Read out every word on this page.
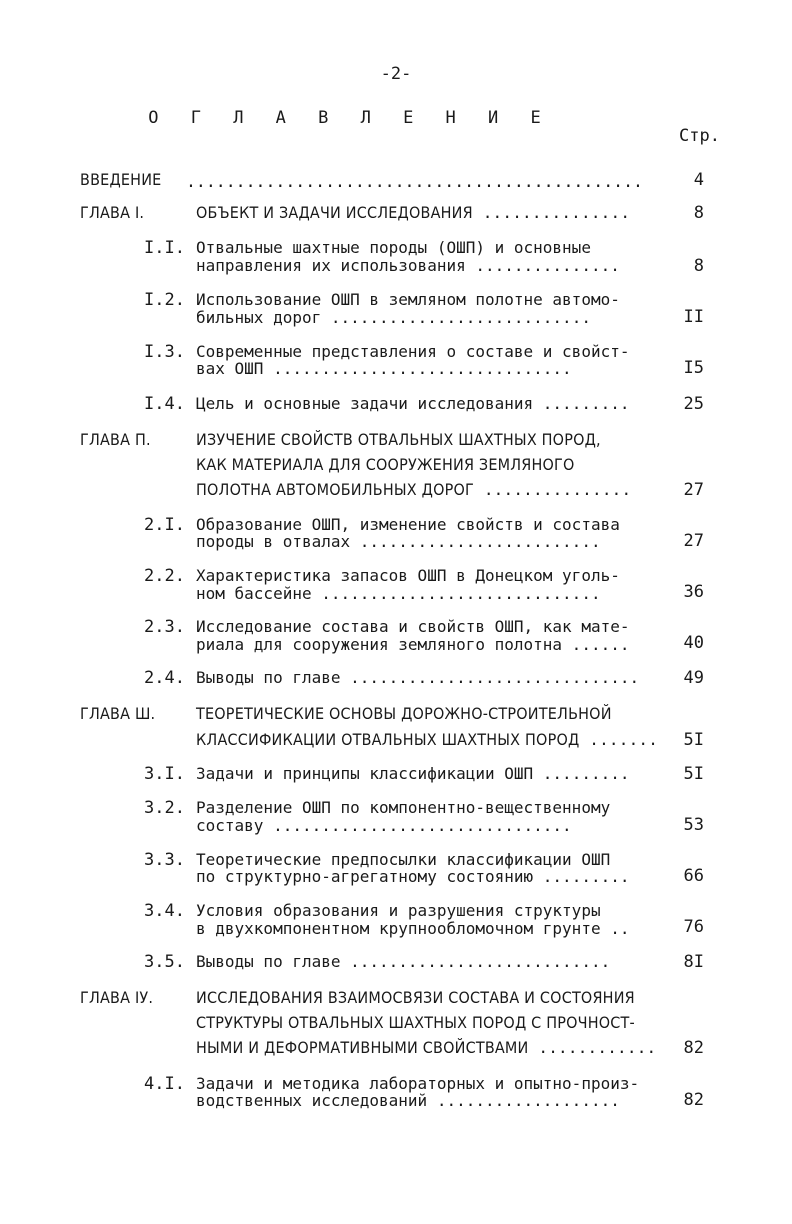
-2-
О Г Л А В Л Е Н И Е
Стр.
ВВЕДЕНИЕ ..............................................	4
ГЛАВА I.	ОБЪЕКТ И ЗАДАЧИ ИССЛЕДОВАНИЯ ...............	8
I.I. Отвальные шахтные породы (ОШП) и основные
направления их использования ...............	8
I.2. Использование ОШП в земляном полотне автомо-
бильных дорог ...........................	II
I.3. Современные представления о составе и свойст-
вах ОШП ...............................	I5
I.4. Цель и основные задачи исследования .........	25
ГЛАВА П.	ИЗУЧЕНИЕ СВОЙСТВ ОТВАЛЬНЫХ ШАХТНЫХ ПОРОД,
КАК МАТЕРИАЛА ДЛЯ СООРУЖЕНИЯ ЗЕМЛЯНОГО
ПОЛОТНА АВТОМОБИЛЬНЫХ ДОРОГ ...............	27
2.I. Образование ОШП, изменение свойств и состава
породы в отвалах .........................	27
2.2. Характеристика запасов ОШП в Донецком уголь-
ном бассейне .............................	36
2.3. Исследование состава и свойств ОШП, как мате-
риала для сооружения земляного полотна ......	40
2.4. Выводы по главе ..............................	49
ГЛАВА Ш.	ТЕОРЕТИЧЕСКИЕ ОСНОВЫ ДОРОЖНО-СТРОИТЕЛЬНОЙ
КЛАССИФИКАЦИИ ОТВАЛЬНЫХ ШАХТНЫХ ПОРОД ....... 5I
3.I. Задачи и принципы классификации ОШП .........	5I
3.2. Разделение ОШП по компонентно-вещественному
составу ...............................	53
3.3. Теоретические предпосылки классификации ОШП
по структурно-агрегатному состоянию .........	66
3.4. Условия образования и разрушения структуры
в двухкомпонентном крупнообломочном грунте ..	76
3.5. Выводы по главе ...........................	8I
ГЛАВА IУ.	ИССЛЕДОВАНИЯ ВЗАИМОСВЯЗИ СОСТАВА И СОСТОЯНИЯ
СТРУКТУРЫ ОТВАЛЬНЫХ ШАХТНЫХ ПОРОД С ПРОЧНОСТ-
НЫМИ И ДЕФОРМАТИВНЫМИ СВОЙСТВАМИ ............ 82
4.I. Задачи и методика лабораторных и опытно-произ-
водственных исследований ...................	82
